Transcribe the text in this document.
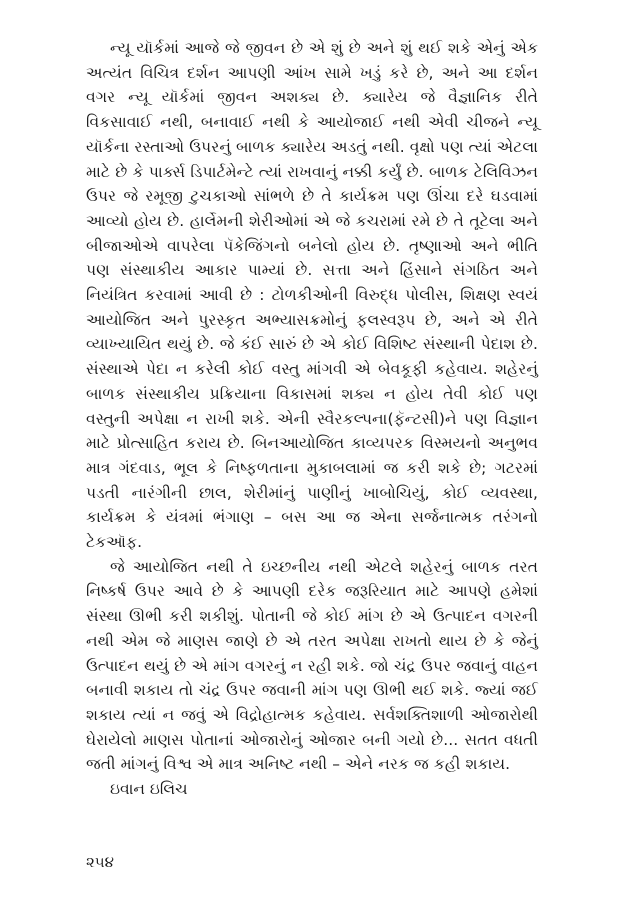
ન્યૂ યૉર્કમાં આજે જે જીવન છે એ શું છે અને શું થઈ શકે એનું એક અત્યંત વિચિત્ર દર્શન આપણી આંખ સામે ખડું કરે છે, અને આ દર્શન વગર ન્યૂ યૉર્કમાં જીવન અશક્ય છે. ક્યારેય જે વૈજ્ઞાનિક રીતે વિકસાવાઈ નથી, બનાવાઈ નથી કે આયોજાઈ નથી એવી ચીજને ન્યૂ યૉર્કના રસ્તાઓ ઉપરનું બાળક ક્યારેય અડતું નથી. વૃક્ષો પણ ત્યાં એટલા માટે છે કે પાર્ક્સ ડિપાર્ટમેન્ટે ત્યાં રાખવાનું નક્કી કર્યું છે. બાળક ટેલિવિઝન ઉપર જે રમૂજી ટુચકાઓ સાંભળે છે તે કાર્યક્રમ પણ ઊંચા દરે ઘડવામાં આવ્યો હોય છે. હાર્લેમની શેરીઓમાં એ જે કચરામાં રમે છે તે તૂટેલા અને બીજાઓએ વાપરેલા પૅકેજિંગનો બનેલો હોય છે. તૃષ્ણાઓ અને ભીતિ પણ સંસ્થાકીય આકાર પામ્યાં છે. સત્તા અને હિંસાને સંગઠિત અને નિયંત્રિત કરવામાં આવી છે : ટોળકીઓની વિરુદ્ધ પોલીસ, શિક્ષણ સ્વયં આયોજિત અને પુરસ્કૃત અભ્યાસક્રમોનું ફલસ્વરૂપ છે, અને એ રીતે વ્યાખ્યાયિત થયું છે. જે કંઈ સારું છે એ કોઈ વિશિષ્ટ સંસ્થાની પેદાશ છે. સંસ્થાએ પેદા ન કરેલી કોઈ વસ્તુ માંગવી એ બેવકૂફી કહેવાય. શહેરનું બાળક સંસ્થાકીય પ્રક્રિયાના વિકાસમાં શક્ય ન હોય તેવી કોઈ પણ વસ્તુની અપેક્ષા ન રાખી શકે. એની સ્વૈરકલ્પના(ફૅન્ટસી)ને પણ વિજ્ઞાન માટે પ્રોત્સાહિત કરાય છે. બિનઆયોજિત કાવ્યપરક વિસ્મયનો અનુભવ માત્ર ગંદવાડ, ભૂલ કે નિષ્ફળતાના મુકાબલામાં જ કરી શકે છે; ગટરમાં પડતી નારંગીની છાલ, શેરીમાંનું પાણીનું ખાબોચિયું, કોઈ વ્યવસ્થા, કાર્યક્રમ કે યંત્રમાં ભંગાણ – બસ આ જ એના સર્જનાત્મક તરંગનો ટેકઑફ.

જે આયોજિત નથી તે ઇચ્છનીય નથી એટલે શહેરનું બાળક તરત નિષ્કર્ષ ઉપર આવે છે કે આપણી દરેક જરૂરિયાત માટે આપણે હમેશાં સંસ્થા ઊભી કરી શકીશું. પોતાની જે કોઈ માંગ છે એ ઉત્પાદન વગરની નથી એમ જે માણસ જાણે છે એ તરત અપેક્ષા રાખતો થાય છે કે જેનું ઉત્પાદન થયું છે એ માંગ વગરનું ન રહી શકે. જો ચંદ્ર ઉપર જવાનું વાહન બનાવી શકાય તો ચંદ્ર ઉપર જવાની માંગ પણ ઊભી થઈ શકે. જ્યાં જઈ શકાય ત્યાં ન જવું એ વિદ્રોહાત્મક કહેવાય. સર્વશક્તિશાળી ઓજારોથી ઘેરાયેલો માણસ પોતાનાં ઓજારોનું ઓજાર બની ગયો છે... સતત વધતી જતી માંગનું વિશ્વ એ માત્ર અનિષ્ટ નથી – એને નરક જ કહી શકાય.

ઇવાન ઇલિચ

૨૫૪
